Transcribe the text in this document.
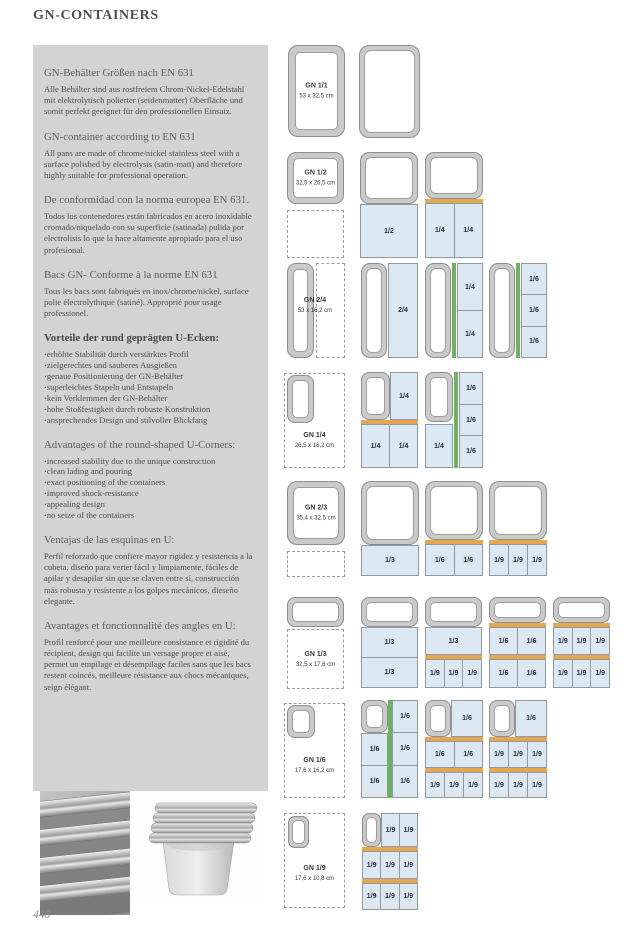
GN-CONTAINERS
GN-Behälter Größen nach EN 631
Alle Behälter sind aus rostfreiem Chrom-Nickel-Edelstahl mit elektrolytisch polierter (seidenmatter) Oberfläche und somit perfekt geeignet für den professionellen Einsatz.
GN-container according to EN 631
All pans are made of chrome/nickel stainless steel with a surface polished by electrolysis (satin-matt) and therefore highly suitable for professional operation.
De conformidad con la norma europea EN 631.
Todos los contenedores están fabricados en acero inoxidable cromado/niquelado con su superficie (satinada) pulida por electrolisis lo que la hace altamente apropiado para el uso profesional.
Bacs GN- Conforme à la norme EN 631
Tous les bacs sont fabriqués en inox/chrome/nickel, surface polie électrolythique (satiné). Approprié pour usage professionel.
Vorteile der rund geprägten U-Ecken:
· erhöhte Stabilität durch verstärktes Profil
· zielgerechtes und sauberes Ausgießen
· genaue Positionierung der GN-Behälter
· superleichtes Stapeln und Entstapeln
· kein Verklemmen der GN-Behälter
· hohe Stoßfestigkeit durch robuste Konstruktion
· ansprechendes Design und stilvoller Blickfang
Advantages of the round-shaped U-Corners:
· increased stability due to the unique construction
· clean lading and pouring
· exact positioning of the containers
· improved shock-resistance
· appealing design
· no seize of the containers
Ventajas de las esquinas en U:
Perfil reforzado que confiere mayor rigidez y resistencia a la cubeta, diseño para verter fácil y limpiamente, fáciles de apilar y desapilar sin que se claven entre sí, construcción más robusta y resistente a los golpes mecánicos, dieseño elegante.
Avantages et fonctionnalité des angles en U:
Profil renforcé pour une meilleure consistance et rigidité du récipient, design qui facilite un versage propre et aisé, permet un empilage et désempilage faciles sans que les bacs restent coincés, meilleure résistance aux chocs mécaniques, seign élégant.
GN 1/1
53 x 32,5 cm
GN 1/2
32,5 x 26,5 cm
1/2	1/4	1/4
GN 2/4
53 x 16,2 cm	2/4
1/4
1/4
1/6
1/6
1/6
GN 1/4
26,5 x 16,2 cm
1/4
1/4	1/4	1/4
1/6
1/6
1/6
GN 2/3
35,4 x 32,5 cm
1/3	1/6	1/6	1/9	1/9	1/9
GN 1/3
32,5 x 17,6 cm
1/3
1/3
1/3
1/9	1/9	1/9
1/6	1/6
1/6	1/6
1/9	1/9	1/9
1/9	1/9	1/9
GN 1/6
17,6 x 16,2 cm
1/6
1/6
1/6
1/6
1/6
1/6
1/6	1/6
1/9	1/9	1/9
1/6
1/9	1/9	1/9
1/9	1/9	1/9
GN 1/9
17,6 x 10,8 cm
1/9	1/9
1/9	1/9	1/9
1/9	1/9	1/9
448
